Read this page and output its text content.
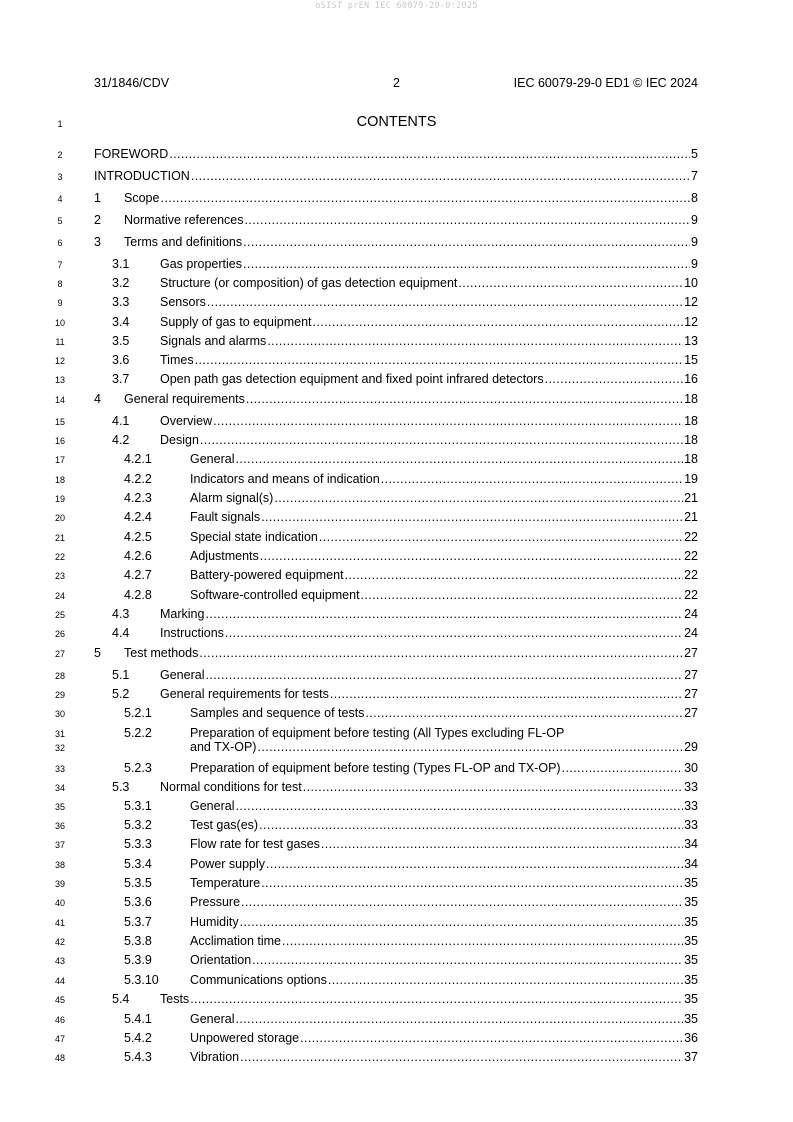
oSIST prEN IEC 60079-29-0:2025
31/1846/CDV	2	IEC 60079-29-0 ED1 © IEC 2024
1	CONTENTS
2	FOREWORD .....	5
3	INTRODUCTION .....	7
4	1	Scope .....	8
5	2	Normative references .....	9
6	3	Terms and definitions .....	9
7	3.1	Gas properties .....	9
8	3.2	Structure (or composition) of gas detection equipment .....	10
9	3.3	Sensors .....	12
10	3.4	Supply of gas to equipment .....	12
11	3.5	Signals and alarms .....	13
12	3.6	Times .....	15
13	3.7	Open path gas detection equipment and fixed point infrared detectors .....	16
14	4	General requirements .....	18
15	4.1	Overview .....	18
16	4.2	Design .....	18
17	4.2.1	General .....	18
18	4.2.2	Indicators and means of indication .....	19
19	4.2.3	Alarm signal(s) .....	21
20	4.2.4	Fault signals .....	21
21	4.2.5	Special state indication .....	22
22	4.2.6	Adjustments .....	22
23	4.2.7	Battery-powered equipment .....	22
24	4.2.8	Software-controlled equipment .....	22
25	4.3	Marking .....	24
26	4.4	Instructions .....	24
27	5	Test methods .....	27
28	5.1	General .....	27
29	5.2	General requirements for tests .....	27
30	5.2.1	Samples and sequence of tests .....	27
31	5.2.2	Preparation of equipment before testing (All Types excluding FL-OP
32	and TX-OP) .....	29
33	5.2.3	Preparation of equipment before testing (Types FL-OP and TX-OP) .....	30
34	5.3	Normal conditions for test .....	33
35	5.3.1	General .....	33
36	5.3.2	Test gas(es) .....	33
37	5.3.3	Flow rate for test gases .....	34
38	5.3.4	Power supply .....	34
39	5.3.5	Temperature .....	35
40	5.3.6	Pressure .....	35
41	5.3.7	Humidity .....	35
42	5.3.8	Acclimation time .....	35
43	5.3.9	Orientation .....	35
44	5.3.10	Communications options .....	35
45	5.4	Tests .....	35
46	5.4.1	General .....	35
47	5.4.2	Unpowered storage .....	36
48	5.4.3	Vibration .....	37
